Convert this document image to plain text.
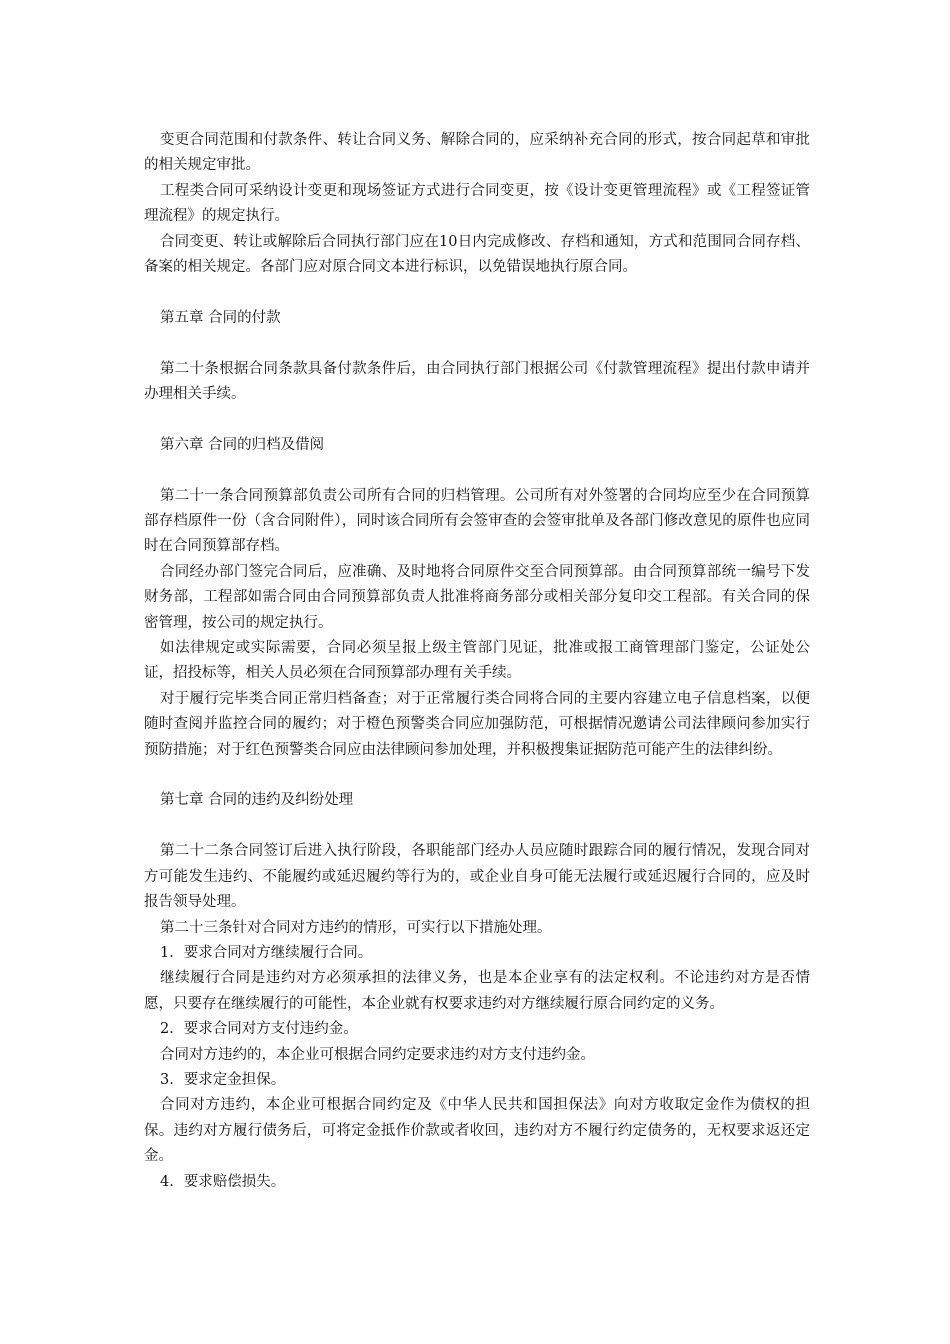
变更合同范围和付款条件、转让合同义务、解除合同的，应采纳补充合同的形式，按合同起草和审批的相关规定审批。

工程类合同可采纳设计变更和现场签证方式进行合同变更，按《设计变更管理流程》或《工程签证管理流程》的规定执行。

合同变更、转让或解除后合同执行部门应在10日内完成修改、存档和通知，方式和范围同合同存档、备案的相关规定。各部门应对原合同文本进行标识，以免错误地执行原合同。

第五章 合同的付款

第二十条根据合同条款具备付款条件后，由合同执行部门根据公司《付款管理流程》提出付款申请并办理相关手续。

第六章 合同的归档及借阅

第二十一条合同预算部负责公司所有合同的归档管理。公司所有对外签署的合同均应至少在合同预算部存档原件一份（含合同附件），同时该合同所有会签审查的会签审批单及各部门修改意见的原件也应同时在合同预算部存档。

合同经办部门签完合同后，应准确、及时地将合同原件交至合同预算部。由合同预算部统一编号下发财务部，工程部如需合同由合同预算部负责人批准将商务部分或相关部分复印交工程部。有关合同的保密管理，按公司的规定执行。

如法律规定或实际需要，合同必须呈报上级主管部门见证，批准或报工商管理部门鉴定，公证处公证，招投标等，相关人员必须在合同预算部办理有关手续。

对于履行完毕类合同正常归档备查；对于正常履行类合同将合同的主要内容建立电子信息档案，以便随时查阅并监控合同的履约；对于橙色预警类合同应加强防范，可根据情况邀请公司法律顾问参加实行预防措施；对于红色预警类合同应由法律顾问参加处理，并积极搜集证据防范可能产生的法律纠纷。

第七章 合同的违约及纠纷处理

第二十二条合同签订后进入执行阶段，各职能部门经办人员应随时跟踪合同的履行情况，发现合同对方可能发生违约、不能履约或延迟履约等行为的，或企业自身可能无法履行或延迟履行合同的，应及时报告领导处理。

第二十三条针对合同对方违约的情形，可实行以下措施处理。

1．要求合同对方继续履行合同。

继续履行合同是违约对方必须承担的法律义务，也是本企业享有的法定权利。不论违约对方是否情愿，只要存在继续履行的可能性，本企业就有权要求违约对方继续履行原合同约定的义务。

2．要求合同对方支付违约金。

合同对方违约的，本企业可根据合同约定要求违约对方支付违约金。

3．要求定金担保。

合同对方违约，本企业可根据合同约定及《中华人民共和国担保法》向对方收取定金作为债权的担保。违约对方履行债务后，可将定金抵作价款或者收回，违约对方不履行约定债务的，无权要求返还定金。

4．要求赔偿损失。
